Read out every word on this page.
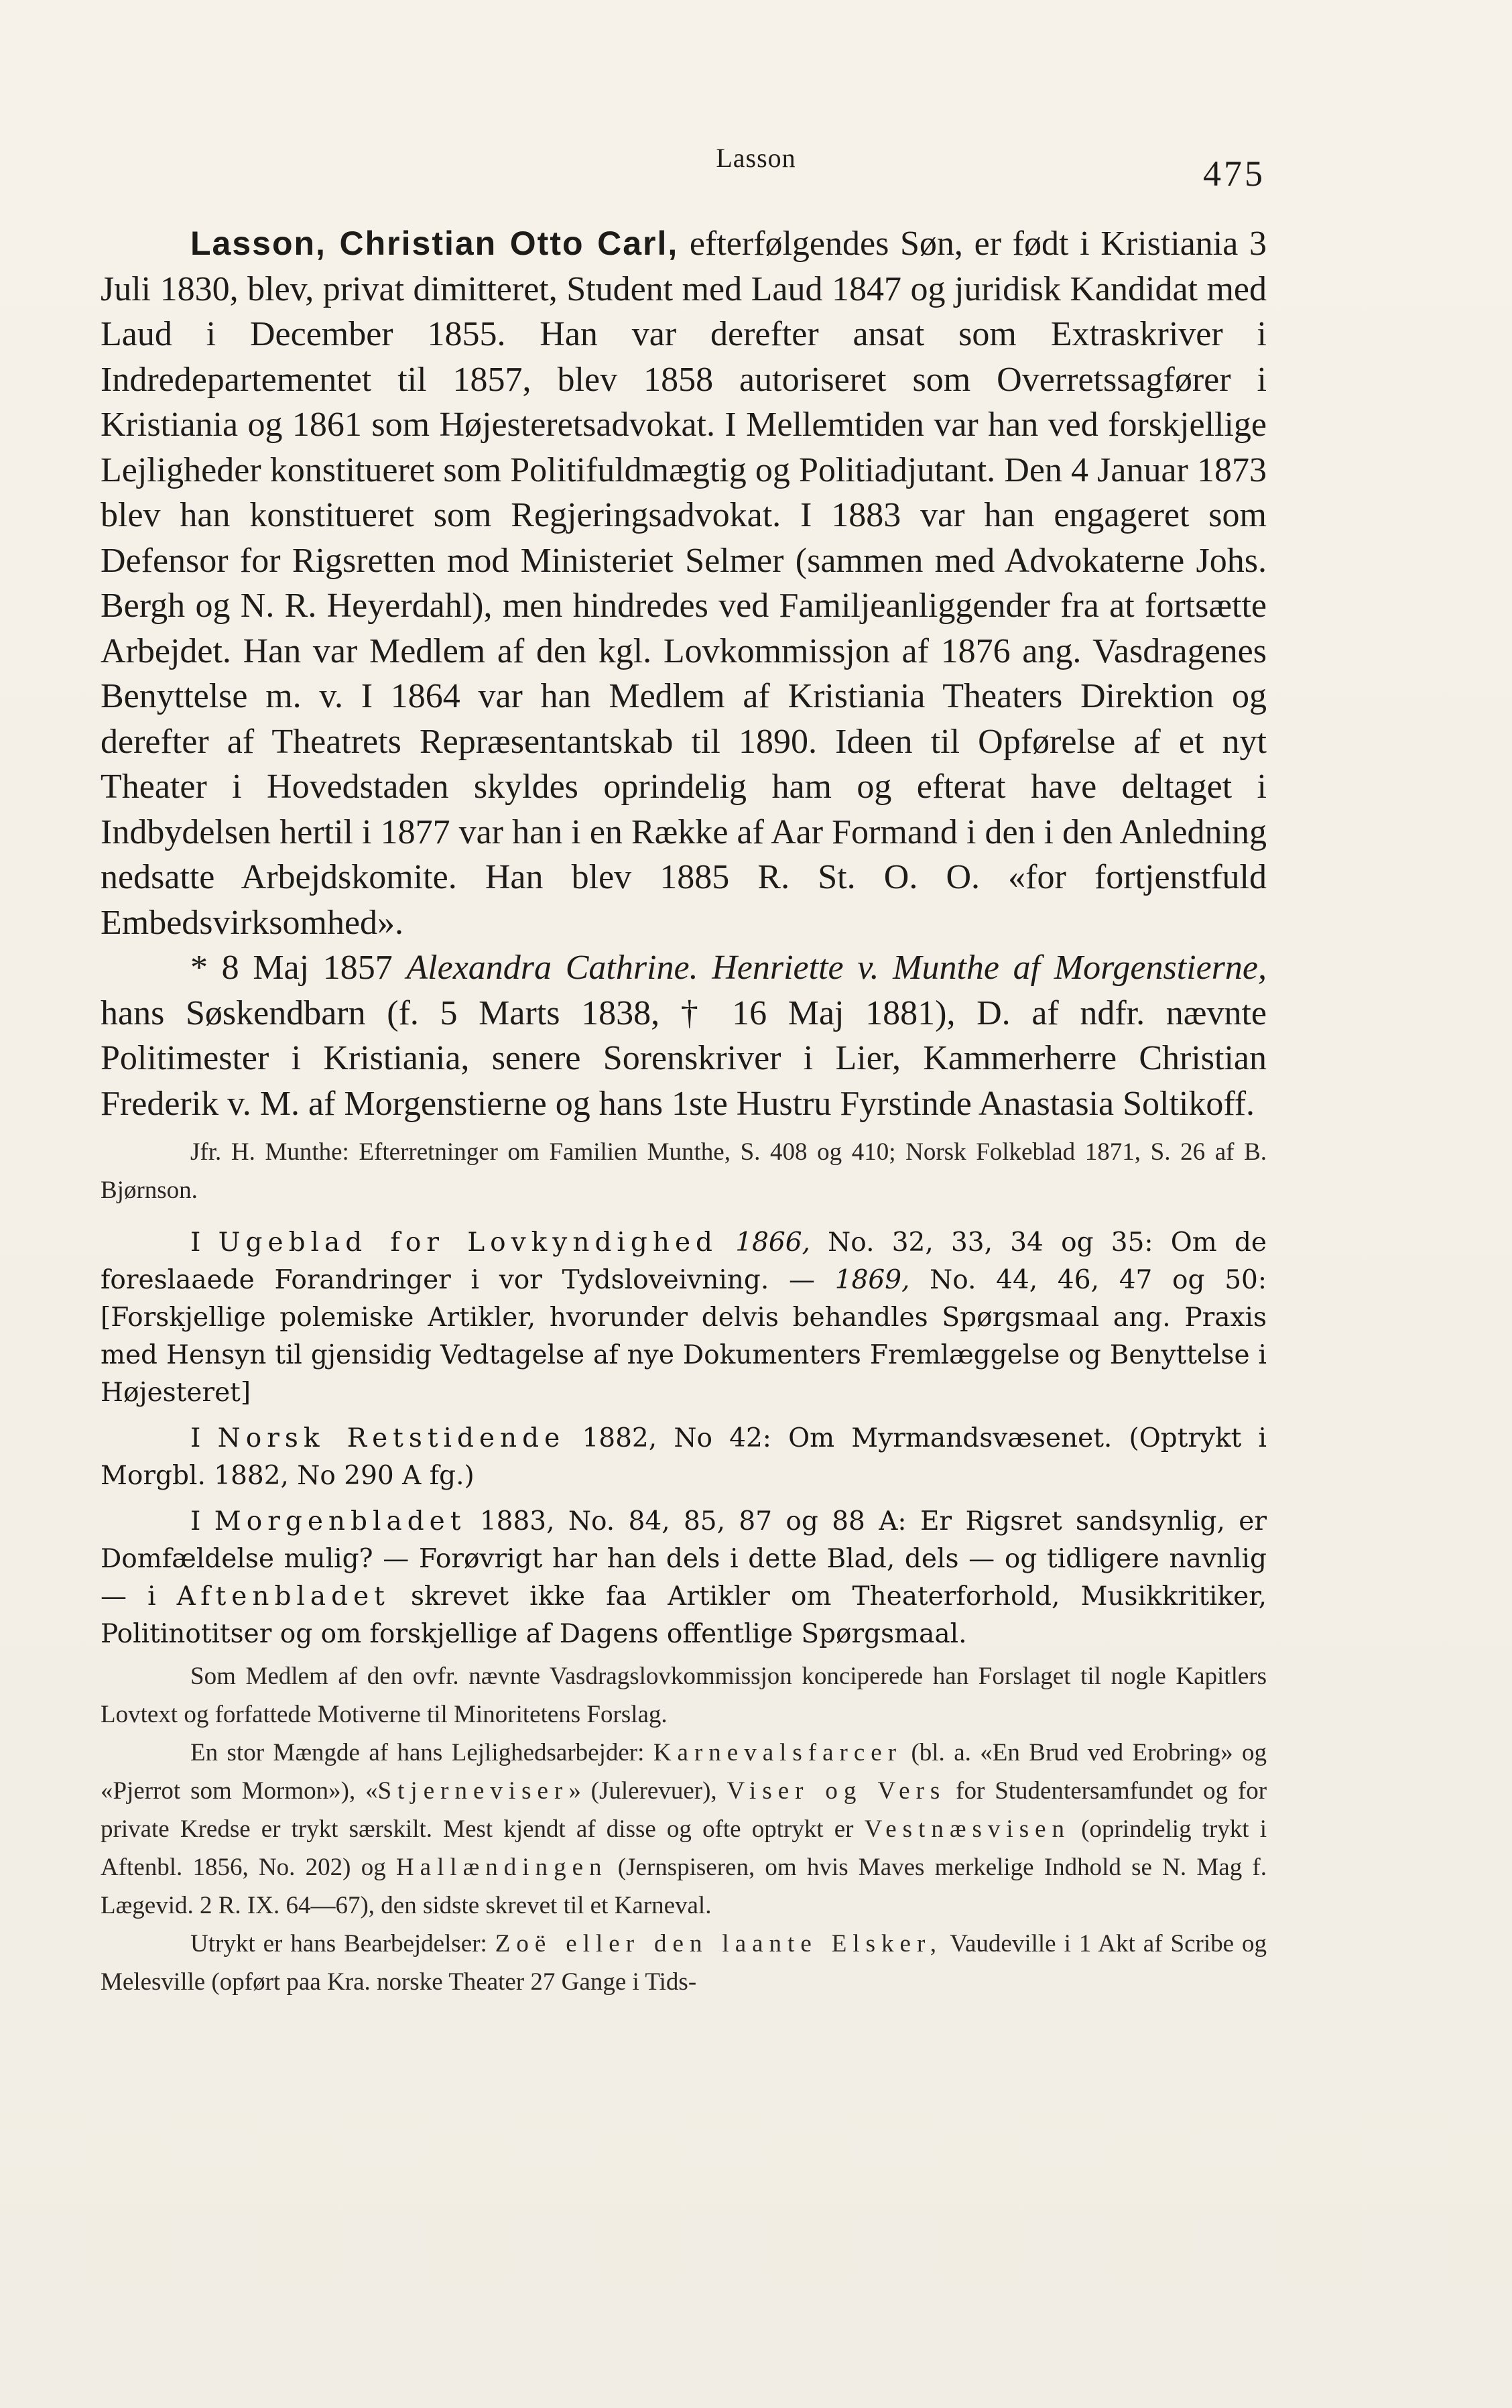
Lasson	475

Lasson, Christian Otto Carl, efterfølgendes Søn, er født i Kristiania 3 Juli 1830, blev, privat dimitteret, Student med Laud 1847 og juridisk Kandidat med Laud i December 1855. Han var derefter ansat som Extraskriver i Indredepartementet til 1857, blev 1858 autoriseret som Overretssagfører i Kristiania og 1861 som Højesteretsadvokat. I Mellemtiden var han ved forskjellige Lejligheder konstitueret som Politifuldmægtig og Politiadjutant. Den 4 Januar 1873 blev han konstitueret som Regjeringsadvokat. I 1883 var han engageret som Defensor for Rigsretten mod Ministeriet Selmer (sammen med Advokaterne Johs. Bergh og N. R. Heyerdahl), men hindredes ved Familjeanliggender fra at fortsætte Arbejdet. Han var Medlem af den kgl. Lovkommissjon af 1876 ang. Vasdragenes Benyttelse m. v. I 1864 var han Medlem af Kristiania Theaters Direktion og derefter af Theatrets Repræsentantskab til 1890. Ideen til Opførelse af et nyt Theater i Hovedstaden skyldes oprindelig ham og efterat have deltaget i Indbydelsen hertil i 1877 var han i en Række af Aar Formand i den i den Anledning nedsatte Arbejdskomite. Han blev 1885 R. St. O. O. «for fortjenstfuld Embedsvirksomhed».

* 8 Maj 1857 Alexandra Cathrine. Henriette v. Munthe af Morgenstierne, hans Søskendbarn (f. 5 Marts 1838, † 16 Maj 1881), D. af ndfr. nævnte Politimester i Kristiania, senere Sorenskriver i Lier, Kammerherre Christian Frederik v. M. af Morgenstierne og hans 1ste Hustru Fyrstinde Anastasia Soltikoff.

Jfr. H. Munthe: Efterretninger om Familien Munthe, S. 408 og 410; Norsk Folkeblad 1871, S. 26 af B. Bjørnson.

I Ugeblad for Lovkyndighed 1866, No. 32, 33, 34 og 35: Om de foreslaaede Forandringer i vor Tydsloveivning. — 1869, No. 44, 46, 47 og 50: [Forskjellige polemiske Artikler, hvorunder delvis behandles Spørgsmaal ang. Praxis med Hensyn til gjensidig Vedtagelse af nye Dokumenters Fremlæggelse og Benyttelse i Højesteret]

I Norsk Retstidende 1882, No 42: Om Myrmandsvæsenet. (Optrykt i Morgbl. 1882, No 290 A fg.)

I Morgenbladet 1883, No. 84, 85, 87 og 88 A: Er Rigsret sandsynlig, er Domfældelse mulig? — Forøvrigt har han dels i dette Blad, dels — og tidligere navnlig — i Aftenbladet skrevet ikke faa Artikler om Theaterforhold, Musikkritiker, Politinotitser og om forskjellige af Dagens offentlige Spørgsmaal.

Som Medlem af den ovfr. nævnte Vasdragslovkommissjon konciperede han Forslaget til nogle Kapitlers Lovtext og forfattede Motiverne til Minoritetens Forslag.

En stor Mængde af hans Lejlighedsarbejder: Karnevalsfarcer (bl. a. «En Brud ved Erobring» og «Pjerrot som Mormon»), «Stjerneviser» (Julerevuer), Viser og Vers for Studentersamfundet og for private Kredse er trykt særskilt. Mest kjendt af disse og ofte optrykt er Vestnæsvisen (oprindelig trykt i Aftenbl. 1856, No. 202) og Hallændingen (Jernspiseren, om hvis Maves merkelige Indhold se N. Mag f. Lægevid. 2 R. IX. 64—67), den sidste skrevet til et Karneval.

Utrykt er hans Bearbejdelser: Zoë eller den laante Elsker, Vaudeville i 1 Akt af Scribe og Melesville (opført paa Kra. norske Theater 27 Gange i Tids-
